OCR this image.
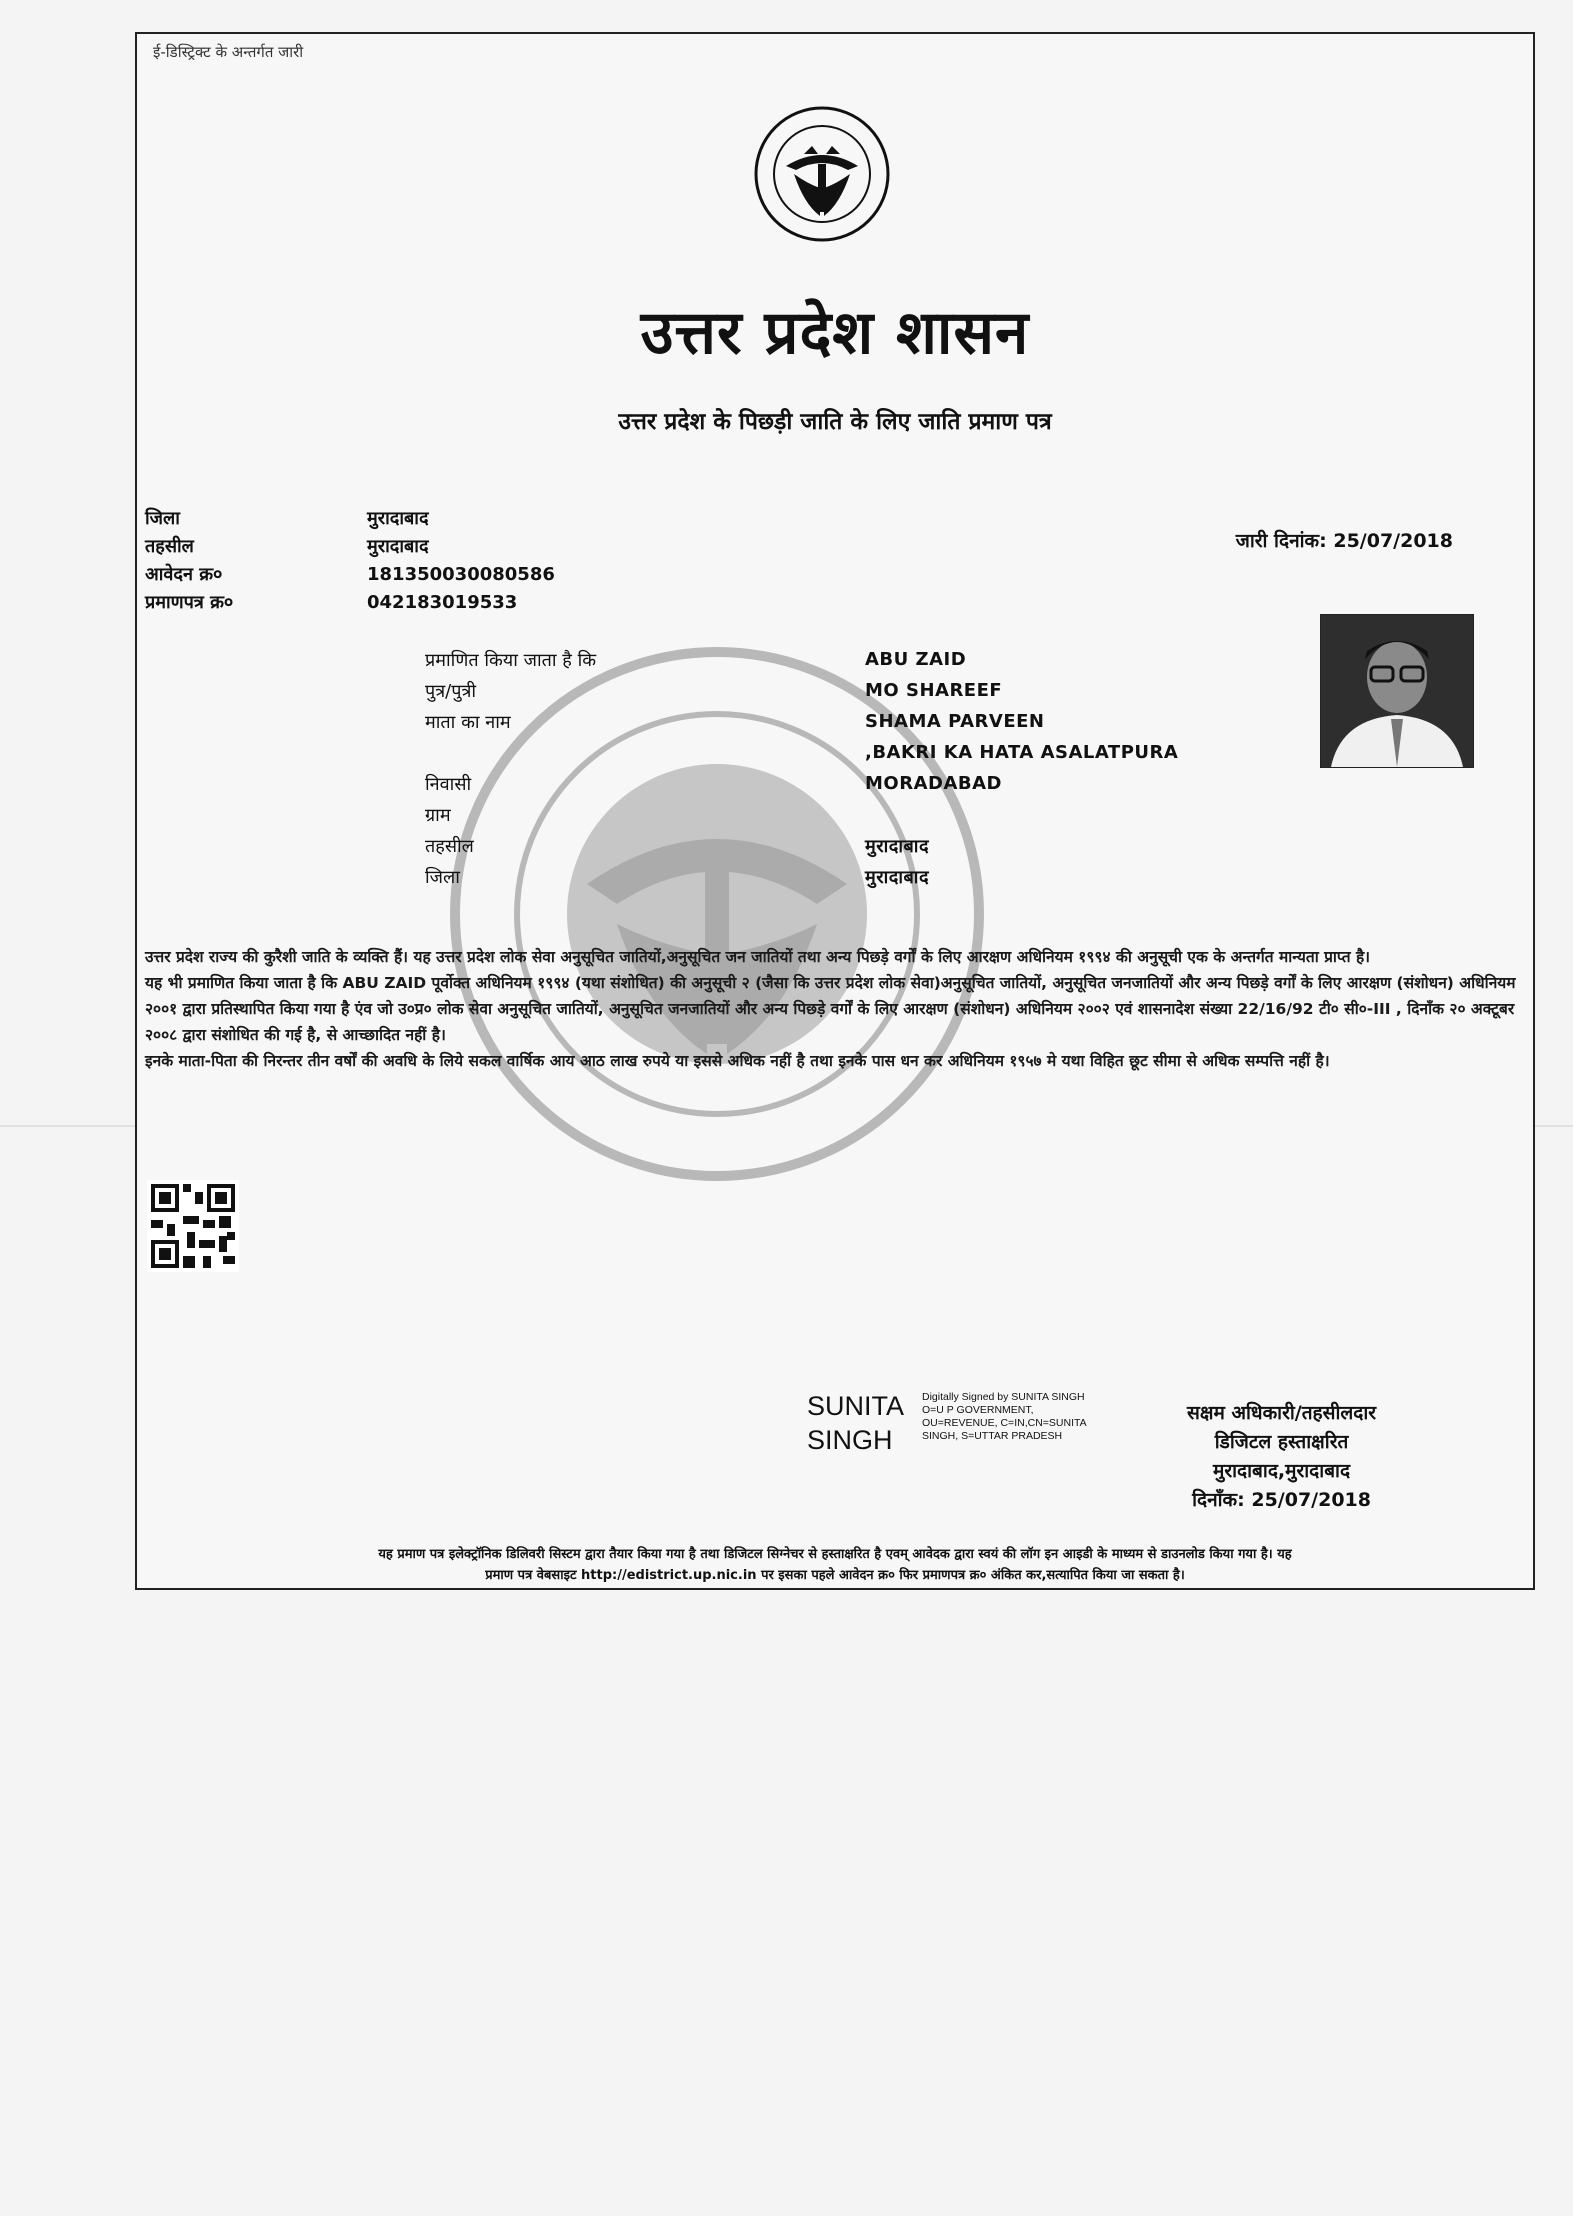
ई-डिस्ट्रिक्ट के अन्तर्गत जारी
उत्तर प्रदेश शासन
उत्तर प्रदेश के पिछड़ी जाति के लिए जाति प्रमाण पत्र
जिला	मुरादाबाद
तहसील	मुरादाबाद
आवेदन क्र०	181350030080586
प्रमाणपत्र क्र०	042183019533
जारी दिनांक: 25/07/2018
प्रमाणित किया जाता है कि	ABU ZAID
पुत्र/पुत्री	MO SHAREEF
माता का नाम	SHAMA PARVEEN
,BAKRI KA HATA ASALATPURA
निवासी	MORADABAD
ग्राम
तहसील	मुरादाबाद
जिला	मुरादाबाद

उत्तर प्रदेश राज्य की कुरैशी जाति के व्यक्ति हैं। यह उत्तर प्रदेश लोक सेवा अनुसूचित जातियों,अनुसूचित जन जातियों तथा अन्य पिछड़े वर्गों के लिए आरक्षण अधिनियम १९९४ की अनुसूची एक के अन्तर्गत मान्यता प्राप्त है।

यह भी प्रमाणित किया जाता है कि ABU ZAID पूर्वोक्त अधिनियम १९९४ (यथा संशोधित) की अनुसूची २ (जैसा कि उत्तर प्रदेश लोक सेवा)अनुसूचित जातियों, अनुसूचित जनजातियों और अन्य पिछड़े वर्गों के लिए आरक्षण (संशोधन) अधिनियम २००१ द्वारा प्रतिस्थापित किया गया है एंव जो उ०प्र० लोक सेवा अनुसूचित जातियों, अनुसूचित जनजातियों और अन्य पिछड़े वर्गों के लिए आरक्षण (संशोधन) अधिनियम २००२ एवं शासनादेश संख्या 22/16/92 टी० सी०-III , दिनाँक २० अक्टूबर २००८ द्वारा संशोधित की गई है, से आच्छादित नहीं है।

इनके माता-पिता की निरन्तर तीन वर्षों की अवधि के लिये सकल वार्षिक आय आठ लाख रुपये या इससे अधिक नहीं है तथा इनके पास धन कर अधिनियम १९५७ मे यथा विहित छूट सीमा से अधिक सम्पत्ति नहीं है।

SUNITA
SINGH
Digitally Signed by SUNITA SINGH
O=U P GOVERNMENT,
OU=REVENUE, C=IN,CN=SUNITA
SINGH, S=UTTAR PRADESH
सक्षम अधिकारी/तहसीलदार
डिजिटल हस्ताक्षरित
मुरादाबाद,मुरादाबाद
दिनाँक: 25/07/2018
यह प्रमाण पत्र इलेक्ट्रॉनिक डिलिवरी सिस्टम द्वारा तैयार किया गया है तथा डिजिटल सिग्नेचर से हस्ताक्षरित है एवम् आवेदक द्वारा स्वयं की लॉग इन आइडी के माध्यम से डाउनलोड किया गया है। यह
प्रमाण पत्र वेबसाइट http://edistrict.up.nic.in पर इसका पहले आवेदन क्र० फिर प्रमाणपत्र क्र० अंकित कर,सत्यापित किया जा सकता है।
